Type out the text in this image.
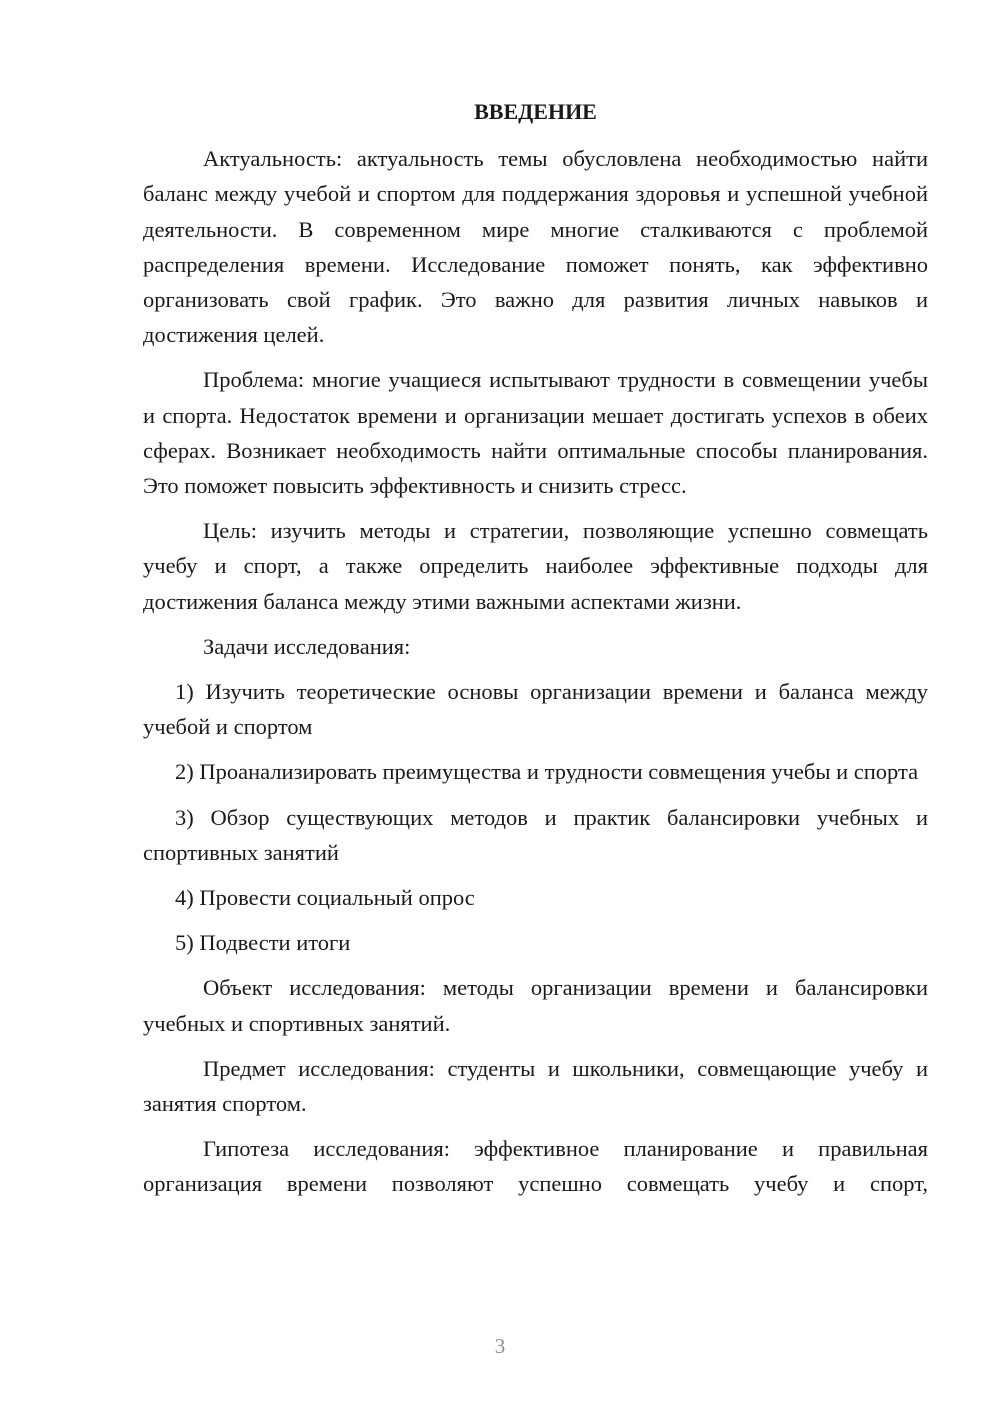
ВВЕДЕНИЕ

Актуальность: актуальность темы обусловлена необходимостью найти баланс между учебой и спортом для поддержания здоровья и успешной учебной деятельности. В современном мире многие сталкиваются с проблемой распределения времени. Исследование поможет понять, как эффективно организовать свой график. Это важно для развития личных навыков и достижения целей.

Проблема: многие учащиеся испытывают трудности в совмещении учебы и спорта. Недостаток времени и организации мешает достигать успехов в обеих сферах. Возникает необходимость найти оптимальные способы планирования. Это поможет повысить эффективность и снизить стресс.

Цель: изучить методы и стратегии, позволяющие успешно совмещать учебу и спорт, а также определить наиболее эффективные подходы для достижения баланса между этими важными аспектами жизни.

Задачи исследования:

1) Изучить теоретические основы организации времени и баланса между учебой и спортом

2) Проанализировать преимущества и трудности совмещения учебы и спорта

3) Обзор существующих методов и практик балансировки учебных и спортивных занятий

4) Провести социальный опрос

5) Подвести итоги

Объект исследования: методы организации времени и балансировки учебных и спортивных занятий.

Предмет исследования: студенты и школьники, совмещающие учебу и занятия спортом.

Гипотеза исследования: эффективное планирование и правильная организация времени позволяют успешно совмещать учебу и спорт,

3
